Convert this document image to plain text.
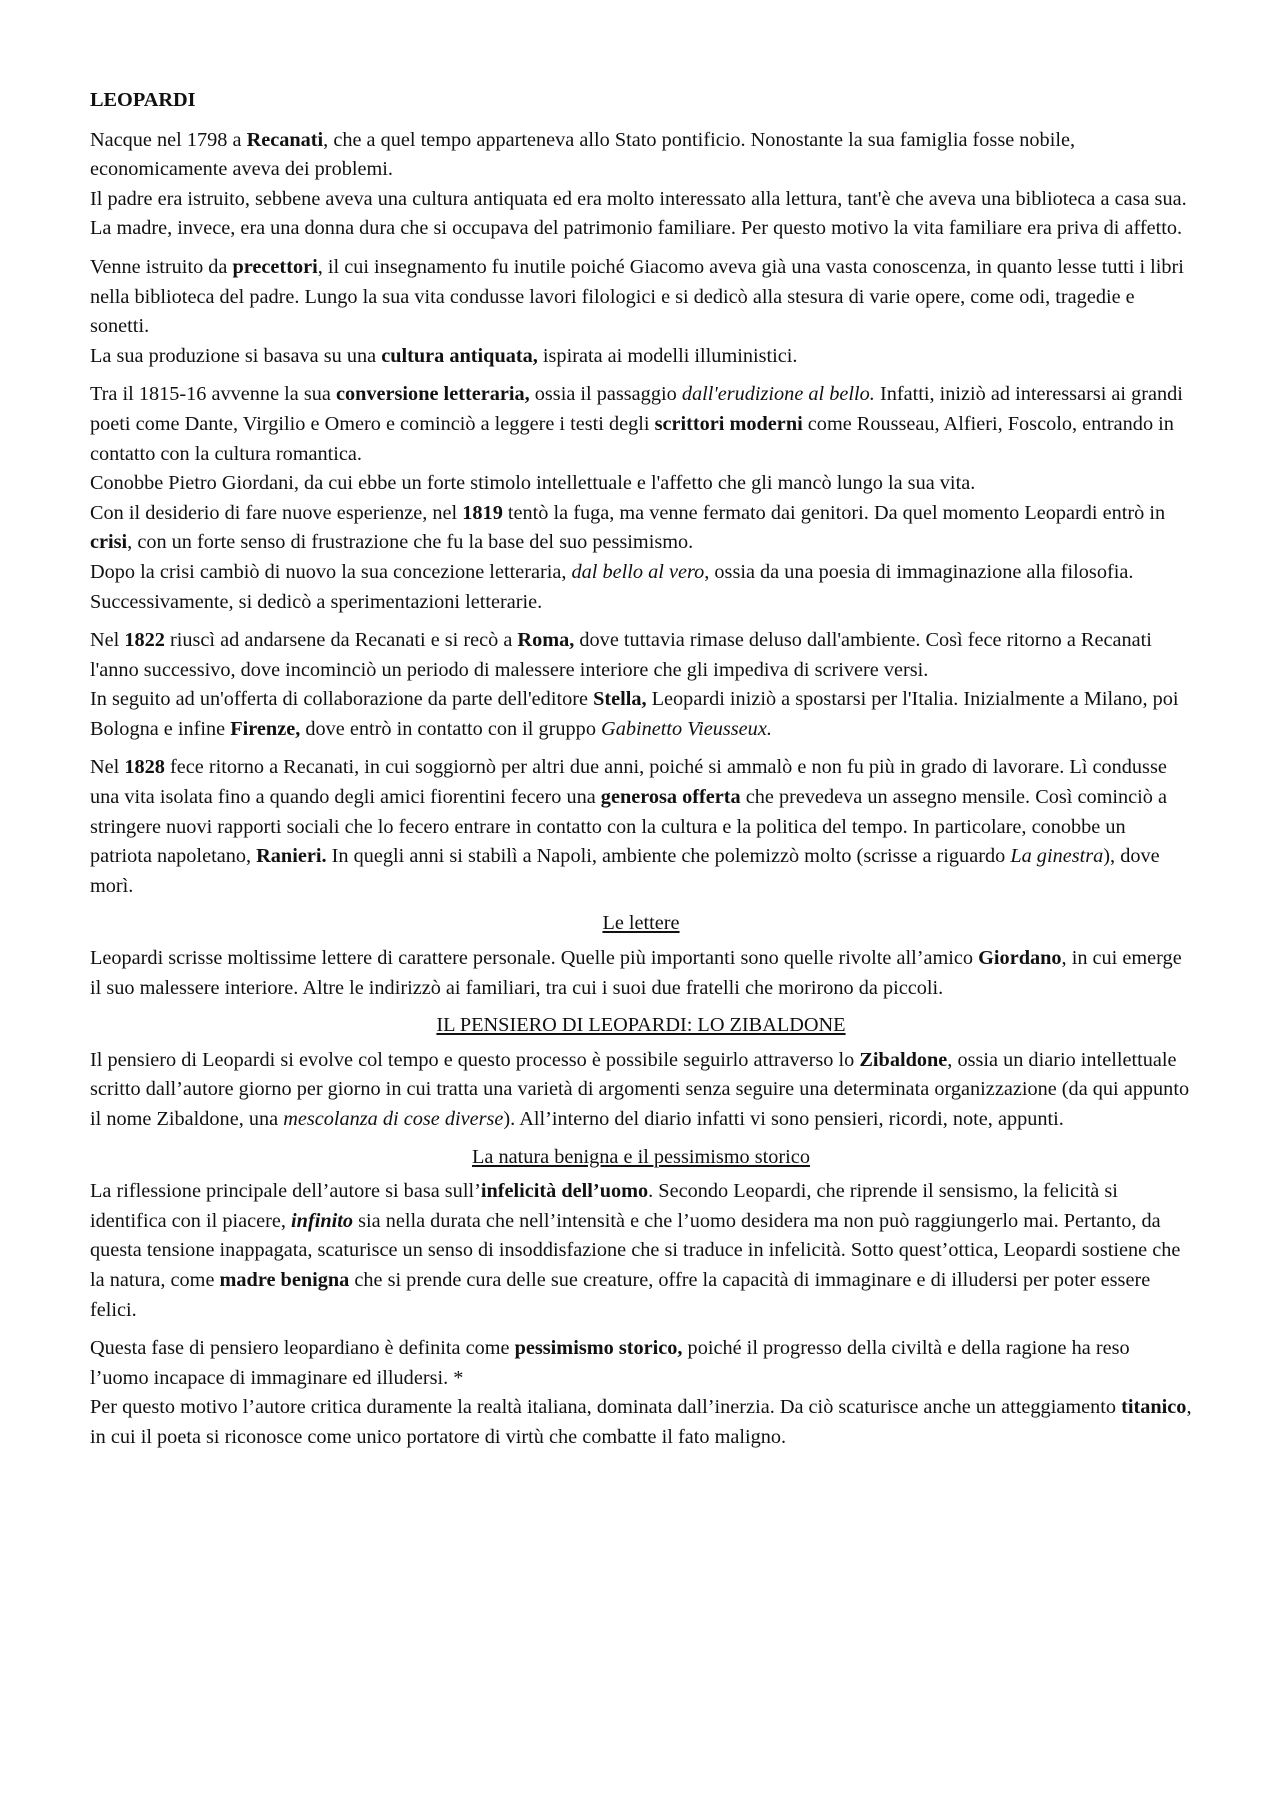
LEOPARDI

Nacque nel 1798 a Recanati, che a quel tempo apparteneva allo Stato pontificio. Nonostante la sua famiglia fosse nobile, economicamente aveva dei problemi.

Il padre era istruito, sebbene aveva una cultura antiquata ed era molto interessato alla lettura, tant'è che aveva una biblioteca a casa sua. La madre, invece, era una donna dura che si occupava del patrimonio familiare. Per questo motivo la vita familiare era priva di affetto.

Venne istruito da precettori, il cui insegnamento fu inutile poiché Giacomo aveva già una vasta conoscenza, in quanto lesse tutti i libri nella biblioteca del padre. Lungo la sua vita condusse lavori filologici e si dedicò alla stesura di varie opere, come odi, tragedie e sonetti.

La sua produzione si basava su una cultura antiquata, ispirata ai modelli illuministici.

Tra il 1815-16 avvenne la sua conversione letteraria, ossia il passaggio dall'erudizione al bello. Infatti, iniziò ad interessarsi ai grandi poeti come Dante, Virgilio e Omero e cominciò a leggere i testi degli scrittori moderni come Rousseau, Alfieri, Foscolo, entrando in contatto con la cultura romantica.

Conobbe Pietro Giordani, da cui ebbe un forte stimolo intellettuale e l'affetto che gli mancò lungo la sua vita.

Con il desiderio di fare nuove esperienze, nel 1819 tentò la fuga, ma venne fermato dai genitori. Da quel momento Leopardi entrò in crisi, con un forte senso di frustrazione che fu la base del suo pessimismo.

Dopo la crisi cambiò di nuovo la sua concezione letteraria, dal bello al vero, ossia da una poesia di immaginazione alla filosofia. Successivamente, si dedicò a sperimentazioni letterarie.

Nel 1822 riuscì ad andarsene da Recanati e si recò a Roma, dove tuttavia rimase deluso dall'ambiente. Così fece ritorno a Recanati l'anno successivo, dove incominciò un periodo di malessere interiore che gli impediva di scrivere versi.

In seguito ad un'offerta di collaborazione da parte dell'editore Stella, Leopardi iniziò a spostarsi per l'Italia. Inizialmente a Milano, poi Bologna e infine Firenze, dove entrò in contatto con il gruppo Gabinetto Vieusseux.

Nel 1828 fece ritorno a Recanati, in cui soggiornò per altri due anni, poiché si ammalò e non fu più in grado di lavorare. Lì condusse una vita isolata fino a quando degli amici fiorentini fecero una generosa offerta che prevedeva un assegno mensile. Così cominciò a stringere nuovi rapporti sociali che lo fecero entrare in contatto con la cultura e la politica del tempo. In particolare, conobbe un patriota napoletano, Ranieri. In quegli anni si stabilì a Napoli, ambiente che polemizzò molto (scrisse a riguardo La ginestra), dove morì.

Le lettere

Leopardi scrisse moltissime lettere di carattere personale. Quelle più importanti sono quelle rivolte all’amico Giordano, in cui emerge il suo malessere interiore. Altre le indirizzò ai familiari, tra cui i suoi due fratelli che morirono da piccoli.

IL PENSIERO DI LEOPARDI: LO ZIBALDONE

Il pensiero di Leopardi si evolve col tempo e questo processo è possibile seguirlo attraverso lo Zibaldone, ossia un diario intellettuale scritto dall’autore giorno per giorno in cui tratta una varietà di argomenti senza seguire una determinata organizzazione (da qui appunto il nome Zibaldone, una mescolanza di cose diverse). All’interno del diario infatti vi sono pensieri, ricordi, note, appunti.

La natura benigna e il pessimismo storico

La riflessione principale dell’autore si basa sull’infelicità dell’uomo. Secondo Leopardi, che riprende il sensismo, la felicità si identifica con il piacere, infinito sia nella durata che nell’intensità e che l’uomo desidera ma non può raggiungerlo mai. Pertanto, da questa tensione inappagata, scaturisce un senso di insoddisfazione che si traduce in infelicità. Sotto quest’ottica, Leopardi sostiene che la natura, come madre benigna che si prende cura delle sue creature, offre la capacità di immaginare e di illudersi per poter essere felici.

Questa fase di pensiero leopardiano è definita come pessimismo storico, poiché il progresso della civiltà e della ragione ha reso l’uomo incapace di immaginare ed illudersi. *

Per questo motivo l’autore critica duramente la realtà italiana, dominata dall’inerzia. Da ciò scaturisce anche un atteggiamento titanico, in cui il poeta si riconosce come unico portatore di virtù che combatte il fato maligno.
